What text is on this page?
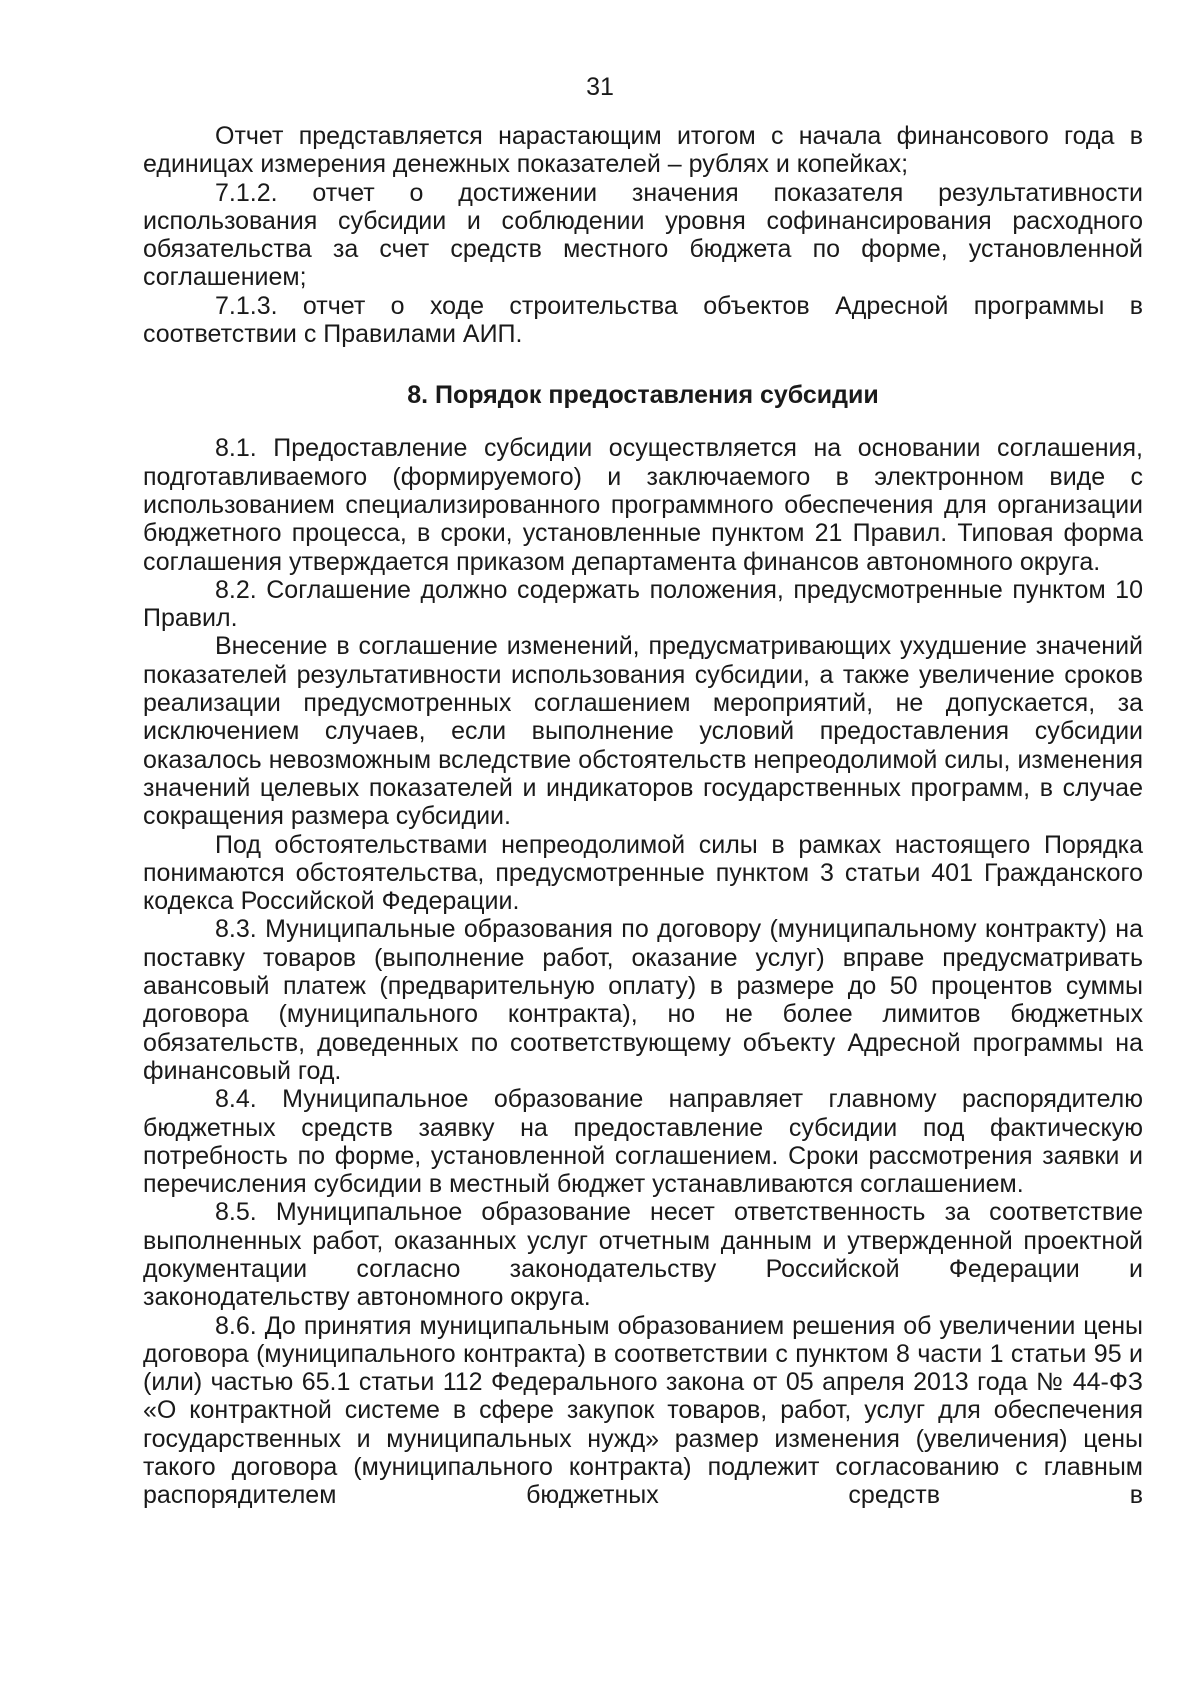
31

Отчет представляется нарастающим итогом с начала финансового года в единицах измерения денежных показателей – рублях и копейках;

7.1.2. отчет о достижении значения показателя результативности использования субсидии и соблюдении уровня софинансирования расходного обязательства за счет средств местного бюджета по форме, установленной соглашением;

7.1.3. отчет о ходе строительства объектов Адресной программы в соответствии с Правилами АИП.

8. Порядок предоставления субсидии

8.1. Предоставление субсидии осуществляется на основании соглашения, подготавливаемого (формируемого) и заключаемого в электронном виде с использованием специализированного программного обеспечения для организации бюджетного процесса, в сроки, установленные пунктом 21 Правил. Типовая форма соглашения утверждается приказом департамента финансов автономного округа.

8.2. Соглашение должно содержать положения, предусмотренные пунктом 10 Правил.

Внесение в соглашение изменений, предусматривающих ухудшение значений показателей результативности использования субсидии, а также увеличение сроков реализации предусмотренных соглашением мероприятий, не допускается, за исключением случаев, если выполнение условий предоставления субсидии оказалось невозможным вследствие обстоятельств непреодолимой силы, изменения значений целевых показателей и индикаторов государственных программ, в случае сокращения размера субсидии.

Под обстоятельствами непреодолимой силы в рамках настоящего Порядка понимаются обстоятельства, предусмотренные пунктом 3 статьи 401 Гражданского кодекса Российской Федерации.

8.3. Муниципальные образования по договору (муниципальному контракту) на поставку товаров (выполнение работ, оказание услуг) вправе предусматривать авансовый платеж (предварительную оплату) в размере до 50 процентов суммы договора (муниципального контракта), но не более лимитов бюджетных обязательств, доведенных по соответствующему объекту Адресной программы на финансовый год.

8.4. Муниципальное образование направляет главному распорядителю бюджетных средств заявку на предоставление субсидии под фактическую потребность по форме, установленной соглашением. Сроки рассмотрения заявки и перечисления субсидии в местный бюджет устанавливаются соглашением.

8.5. Муниципальное образование несет ответственность за соответствие выполненных работ, оказанных услуг отчетным данным и утвержденной проектной документации согласно законодательству Российской Федерации и законодательству автономного округа.

8.6. До принятия муниципальным образованием решения об увеличении цены договора (муниципального контракта) в соответствии с пунктом 8 части 1 статьи 95 и (или) частью 65.1 статьи 112 Федерального закона от 05 апреля 2013 года № 44-ФЗ «О контрактной системе в сфере закупок товаров, работ, услуг для обеспечения государственных и муниципальных нужд» размер изменения (увеличения) цены такого договора (муниципального контракта) подлежит согласованию с главным распорядителем бюджетных средств в
